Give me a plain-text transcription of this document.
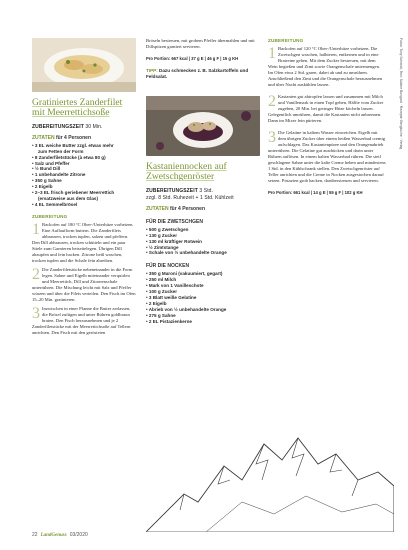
Gratiniertes Zanderfilet mit Meerrettichsoße
ZUBEREITUNGSZEIT 30 Min.
ZUTATEN für 4 Personen
• 3 EL weiche Butter zzgl. etwas mehr
zum Fetten der Form
• 8 Zanderfiletstücke (à etwa 80 g)
• Salz und Pfeffer
• ½ Bund Dill
• 1 unbehandelte Zitrone
• 350 g Sahne
• 2 Eigelb
• 2–3 EL frisch geriebener Meerrettich
(ersatzweise aus dem Glas)
• 4 EL Semmelbrösel
ZUBEREITUNG
1 Backofen auf 180 °C Ober-/Unterhitze vorheizen. Eine Auflaufform buttern. Die Zanderfilets abbrausen, trocken tupfen, salzen und pfeffern. Den Dill abbrausen, trocken schütteln und ein paar Stiele zum Garnieren beiseitelegen. Übrigen Dill abzupfen und fein hacken. Zitrone heiß waschen, trocken tupfen und die Schale fein abreiben.
2 Die Zanderfiletstücke nebeneinander in die Form legen. Sahne und Eigelb miteinander verquirlen und Meerrettich, Dill und Zitronenschale unterrühren. Die Mischung leicht mit Salz und Pfeffer würzen und über die Filets verteilen. Den Fisch im Ofen 15–20 Min. gratinieren.
3 Inzwischen in einer Pfanne die Butter zerlassen, die Brösel zufügen und unter Rühren goldbraun braten. Den Fisch herausnehmen und je 2 Zanderfiletstücke mit der Meerrettichsoße auf Tellern anrichten. Den Fisch mit den gerösteten
Bröseln bestreuen, mit grobem Pfeffer übermahlen und mit Dillspitzen garniert servieren.
Pro Portion: 667 kcal | 37 g E | 46 g F | 15 g KH
TIPP: Dazu schmecken z. B. Salzkartoffeln und Feldsalat.
Kastaniennocken auf Zwetschgenröster
ZUBEREITUNGSZEIT 3 Std.
zzgl. 8 Std. Ruhezeit + 1 Std. Kühlzeit
ZUTATEN für 4 Personen
FÜR DIE ZWETSCHGEN
• 500 g Zwetschgen
• 130 g Zucker
• 130 ml kräftiger Rotwein
• ½ Zimtstange
• Schale von ½ unbehandelte Orange
FÜR DIE NOCKEN
• 350 g Maroni (vakuumiert, gegart)
• 250 ml Milch
• Mark von 1 Vanilleschote
• 100 g Zucker
• 3 Blatt weiße Gelatine
• 2 Eigelb
• Abrieb von ½ unbehandelte Orange
• 275 g Sahne
• 2 EL Pistazienkerne
ZUBEREITUNG
1 Backofen auf 120 °C Ober-/Unterhitze vorheizen. Die Zwetschgen waschen, halbieren, entkernen und in eine Bratreine geben. Mit dem Zucker bestreuen, mit dem Wein begießen und Zimt sowie Orangenschale untermengen. Im Ofen etwa 2 Std. garen, dabei ab und zu umrühren. Anschließend den Zimt und die Orangenschale herausnehmen und über Nacht auskühlen lassen.
2 Kastanien gut abtropfen lassen und zusammen mit Milch und Vanillemark in einen Topf geben. Hälfte vom Zucker zugeben, 20 Min. bei geringer Hitze köcheln lassen. Gelegentlich umrühren, damit die Kastanien nicht anbrennen. Dann im Mixer fein pürieren.
3 Die Gelatine in kaltem Wasser einweichen. Eigelb mit dem übrigen Zucker über einem heißen Wasserbad cremig aufschlagen. Das Kastanienpüree und den Orangenabrieb unterrühren. Die Gelatine gut ausdrücken und darin unter Rühren auflösen. In einem kalten Wasserbad rühren. Die steif geschlagene Sahne unter die kalte Creme heben und mindestens 1 Std. in den Kühlschrank stellen. Den Zwetschgenröster auf Teller anrichten und die Creme in Nocken ausgestochen darauf setzen. Pistazien grob hacken, darüberstreuen und servieren.
Pro Portion: 661 kcal | 14 g E | 55 g F | 102 g KH
22 LandGenuss 03/2020
Fotos: Tony Schmidt, Text: Sabine Bungard · Rezepte: Bergküche · Verlag
